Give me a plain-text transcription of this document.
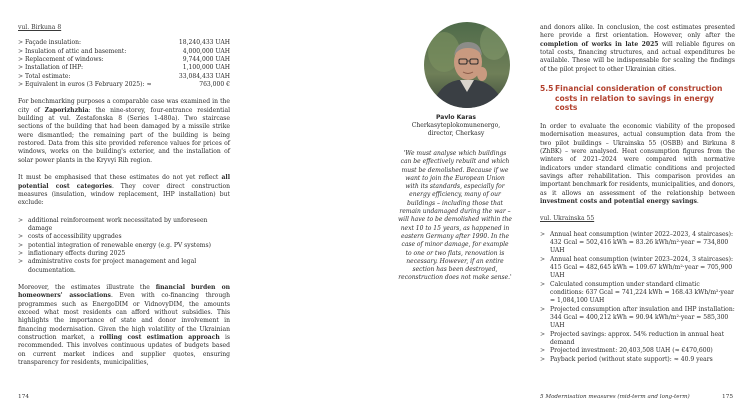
vul. Birkuna 8
> Façade insulation:	18,240,433 UAH
> Insulation of attic and basement:	4,000,000 UAH
> Replacement of windows:	9,744,000 UAH
> Installation of IHP:	1,100,000 UAH
> Total estimate:	33,084,433 UAH
> Equivalent in euros (3 February 2025): ≈	763,000 €

For benchmarking purposes a comparable case was examined in the city of Zaporizhzhia: the nine-storey, four-entrance residential building at vul. Zestafonska 8 (Series 1-480a). Two staircase sections of the building that had been damaged by a missile strike were dismantled; the remaining part of the building is being restored. Data from this site provided reference values for prices of windows, works on the building's exterior, and the installation of solar power plants in the Kryvyi Rih region.

It must be emphasised that these estimates do not yet reflect all potential cost categories. They cover direct construction measures (insulation, window replacement, IHP installation) but exclude:

> additional reinforcement work necessitated by unforeseen damage
> costs of accessibility upgrades
> potential integration of renewable energy (e.g. PV systems)
> inflationary effects during 2025
> administrative costs for project management and legal documentation.

Moreover, the estimates illustrate the financial burden on homeowners' associations. Even with co-financing through programmes such as EnergoDIM or VidnovyDIM, the amounts exceed what most residents can afford without subsidies. This highlights the importance of state and donor involvement in financing modernisation. Given the high volatility of the Ukrainian construction market, a rolling cost estimation approach is recommended. This involves continuous updates of budgets based on current market indices and supplier quotes, ensuring transparency for residents, municipalities,

174
Pavlo Karas
Cherkasyteplokomunenergo, director, Cherkasy

'We must analyse which buildings can be effectively rebuilt and which must be demolished. Because if we want to join the European Union with its standards, especially for energy efficiency, many of our buildings – including those that remain undamaged during the war – will have to be demolished within the next 10 to 15 years, as happened in eastern Germany after 1990. In the case of minor damage, for example to one or two flats, renovation is necessary. However, if an entire section has been destroyed, reconstruction does not make sense.'

and donors alike. In conclusion, the cost estimates presented here provide a first orientation. However, only after the completion of works in late 2025 will reliable figures on total costs, financing structures, and actual expenditures be available. These will be indispensable for scaling the findings of the pilot project to other Ukrainian cities.

5.5 Financial consideration of construction costs in relation to savings in energy costs

In order to evaluate the economic viability of the proposed modernisation measures, actual consumption data from the two pilot buildings – Ukrainska 55 (OSBB) and Birkuna 8 (ZhBK) – were analysed. Heat consumption figures from the winters of 2021–2024 were compared with normative indicators under standard climatic conditions and projected savings after rehabilitation. This comparison provides an important benchmark for residents, municipalities, and donors, as it allows an assessment of the relationship between investment costs and potential energy savings.

vul. Ukrainska 55
> Annual heat consumption (winter 2022–2023, 4 staircases): 432 Gcal = 502,416 kWh = 83.26 kWh/m²·year = 734,800 UAH
> Annual heat consumption (winter 2023–2024, 3 staircases): 415 Gcal = 482,645 kWh = 109.67 kWh/m²·year = 705,900 UAH
> Calculated consumption under standard climatic conditions: 637 Gcal = 741,224 kWh = 168.43 kWh/m²·year = 1,084,100 UAH
> Projected consumption after insulation and IHP installation: 344 Gcal = 400,212 kWh = 90.94 kWh/m²·year = 585,300 UAH
> Projected savings: approx. 54% reduction in annual heat demand
> Projected investment: 20,403,508 UAH (≈ €470,600)
> Payback period (without state support): ≈ 40.9 years
5 Modernisation measures (mid-term and long-term)	175
